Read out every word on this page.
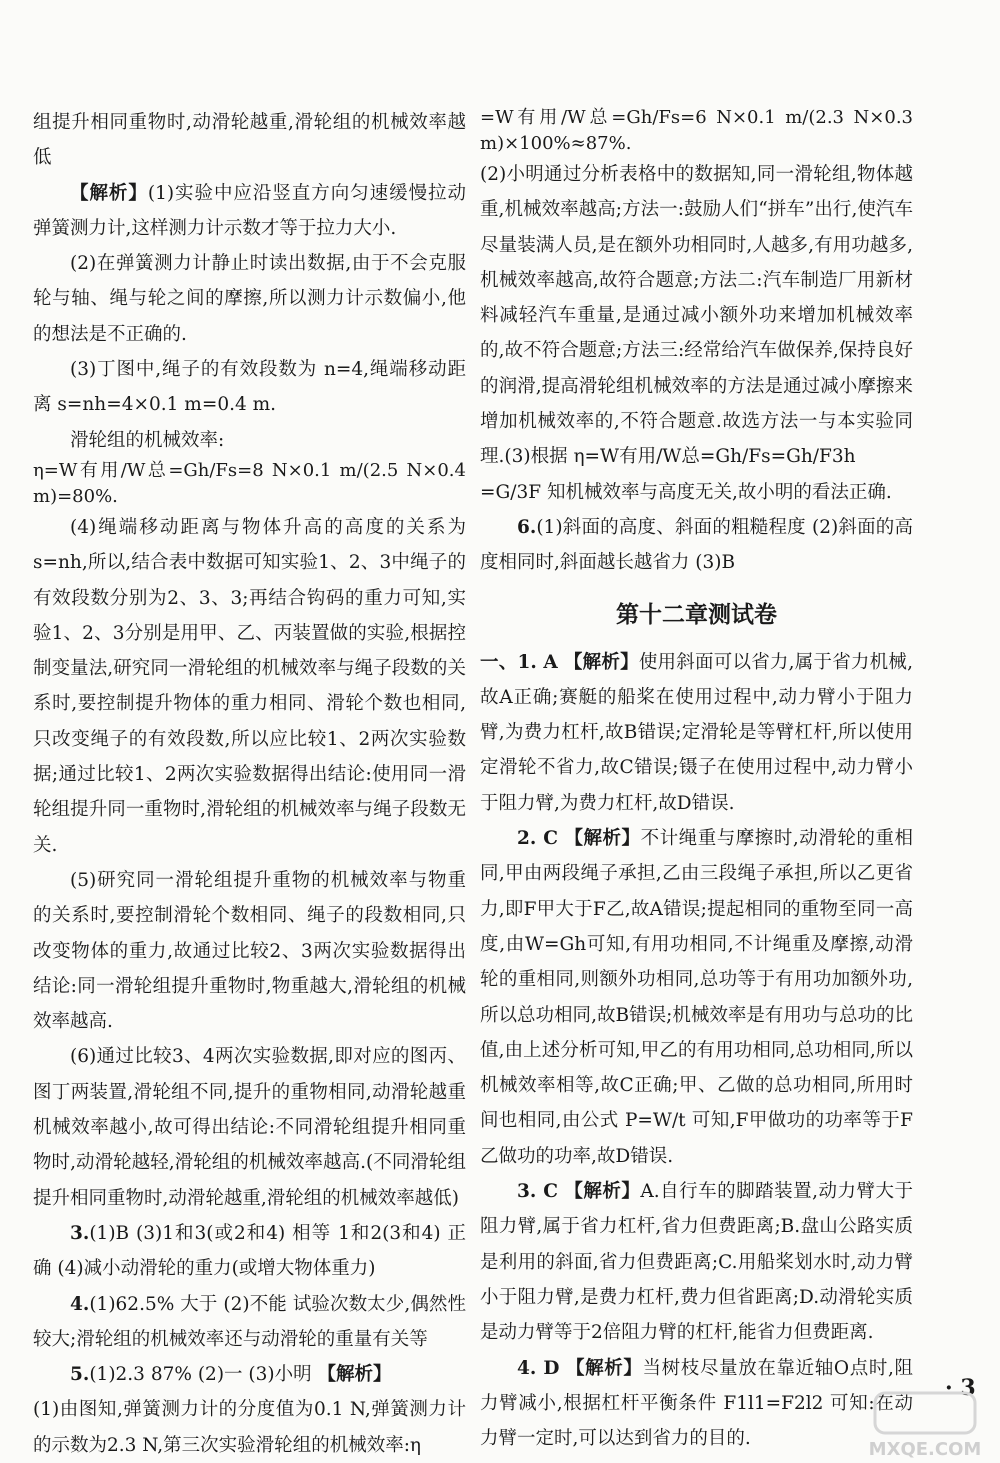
组提升相同重物时,动滑轮越重,滑轮组的机械效率越低

【解析】(1)实验中应沿竖直方向匀速缓慢拉动弹簧测力计,这样测力计示数才等于拉力大小.

(2)在弹簧测力计静止时读出数据,由于不会克服轮与轴、绳与轮之间的摩擦,所以测力计示数偏小,他的想法是不正确的.

(3)丁图中,绳子的有效段数为 n=4,绳端移动距离 s=nh=4×0.1 m=0.4 m.

滑轮组的机械效率:

η=W有用/W总=Gh/Fs=8 N×0.1 m/(2.5 N×0.4 m)=80%.

(4)绳端移动距离与物体升高的高度的关系为 s=nh,所以,结合表中数据可知实验1、2、3中绳子的有效段数分别为2、3、3;再结合钩码的重力可知,实验1、2、3分别是用甲、乙、丙装置做的实验,根据控制变量法,研究同一滑轮组的机械效率与绳子段数的关系时,要控制提升物体的重力相同、滑轮个数也相同,只改变绳子的有效段数,所以应比较1、2两次实验数据;通过比较1、2两次实验数据得出结论:使用同一滑轮组提升同一重物时,滑轮组的机械效率与绳子段数无关.

(5)研究同一滑轮组提升重物的机械效率与物重的关系时,要控制滑轮个数相同、绳子的段数相同,只改变物体的重力,故通过比较2、3两次实验数据得出结论:同一滑轮组提升重物时,物重越大,滑轮组的机械效率越高.

(6)通过比较3、4两次实验数据,即对应的图丙、图丁两装置,滑轮组不同,提升的重物相同,动滑轮越重机械效率越小,故可得出结论:不同滑轮组提升相同重物时,动滑轮越轻,滑轮组的机械效率越高.(不同滑轮组提升相同重物时,动滑轮越重,滑轮组的机械效率越低)

3.(1)B (3)1和3(或2和4) 相等 1和2(3和4) 正确 (4)减小动滑轮的重力(或增大物体重力)

4.(1)62.5% 大于 (2)不能 试验次数太少,偶然性较大;滑轮组的机械效率还与动滑轮的重量有关等

5.(1)2.3 87% (2)一 (3)小明 【解析】

(1)由图知,弹簧测力计的分度值为0.1 N,弹簧测力计的示数为2.3 N,第三次实验滑轮组的机械效率:η

=W有用/W总=Gh/Fs=6 N×0.1 m/(2.3 N×0.3 m)×100%≈87%.

(2)小明通过分析表格中的数据知,同一滑轮组,物体越重,机械效率越高;方法一:鼓励人们“拼车”出行,使汽车尽量装满人员,是在额外功相同时,人越多,有用功越多,机械效率越高,故符合题意;方法二:汽车制造厂用新材料减轻汽车重量,是通过减小额外功来增加机械效率的,故不符合题意;方法三:经常给汽车做保养,保持良好的润滑,提高滑轮组机械效率的方法是通过减小摩擦来增加机械效率的,不符合题意.故选方法一与本实验同理.(3)根据 η=W有用/W总=Gh/Fs=Gh/F3h

=G/3F 知机械效率与高度无关,故小明的看法正确.

6.(1)斜面的高度、斜面的粗糙程度 (2)斜面的高度相同时,斜面越长越省力 (3)B

第十二章测试卷

一、1. A 【解析】使用斜面可以省力,属于省力机械,故A正确;赛艇的船桨在使用过程中,动力臂小于阻力臂,为费力杠杆,故B错误;定滑轮是等臂杠杆,所以使用定滑轮不省力,故C错误;镊子在使用过程中,动力臂小于阻力臂,为费力杠杆,故D错误.

2. C 【解析】不计绳重与摩擦时,动滑轮的重相同,甲由两段绳子承担,乙由三段绳子承担,所以乙更省力,即F甲大于F乙,故A错误;提起相同的重物至同一高度,由W=Gh可知,有用功相同,不计绳重及摩擦,动滑轮的重相同,则额外功相同,总功等于有用功加额外功,所以总功相同,故B错误;机械效率是有用功与总功的比值,由上述分析可知,甲乙的有用功相同,总功相同,所以机械效率相等,故C正确;甲、乙做的总功相同,所用时间也相同,由公式 P=W/t 可知,F甲做功的功率等于F乙做功的功率,故D错误.

3. C 【解析】A.自行车的脚踏装置,动力臂大于阻力臂,属于省力杠杆,省力但费距离;B.盘山公路实质是利用的斜面,省力但费距离;C.用船桨划水时,动力臂小于阻力臂,是费力杠杆,费力但省距离;D.动滑轮实质是动力臂等于2倍阻力臂的杠杆,能省力但费距离.

4. D 【解析】当树枝尽量放在靠近轴O点时,阻力臂减小,根据杠杆平衡条件 F1l1=F2l2 可知:在动力臂一定时,可以达到省力的目的.

· 3
MXQE.COM
